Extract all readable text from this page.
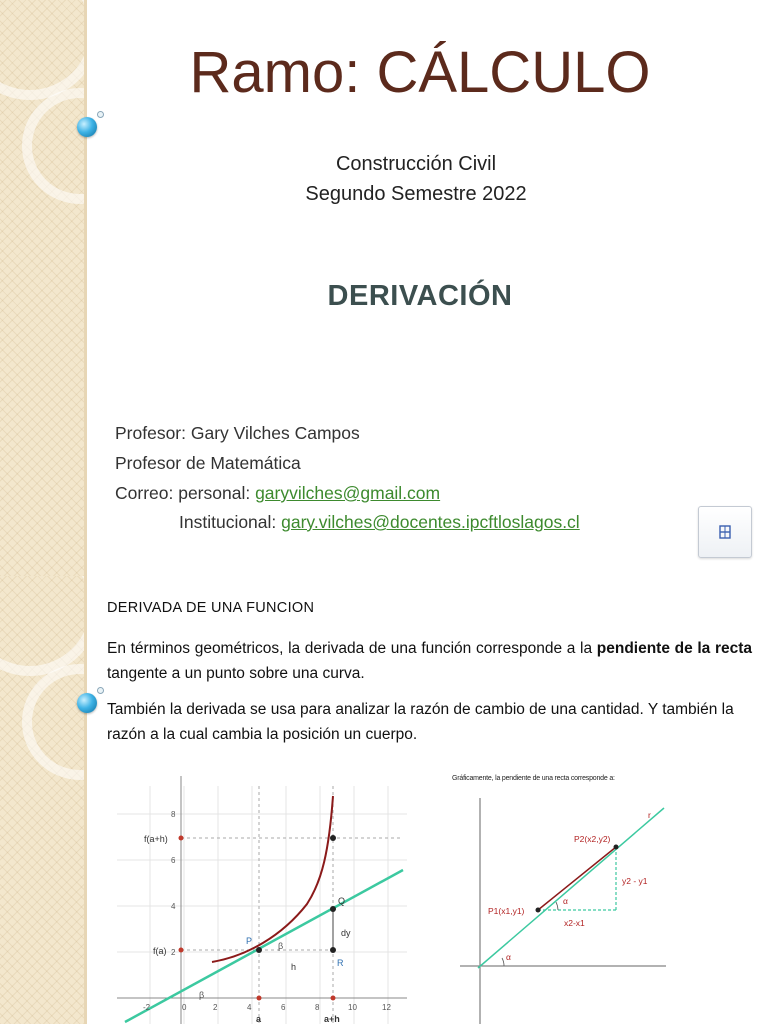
Ramo: CÁLCULO
Construcción Civil
Segundo Semestre 2022
DERIVACIÓN
Profesor: Gary Vilches Campos
Profesor de Matemática
Correo: personal: garyvilches@gmail.com
Institucional: gary.vilches@docentes.ipcftloslagos.cl
DERIVADA DE UNA FUNCION
En términos geométricos, la derivada de una función corresponde a la pendiente de la recta tangente a un punto sobre una curva.
También la derivada se usa para analizar la razón de cambio de una cantidad. Y también la razón a la cual cambia la posición un cuerpo.
8
6
4
2
-2	0	2	4	6	8	10	12
f(a+h)
f(a)
P
Q
R
β
β
h
dy
a	a+h
Gráficamente, la pendiente de una recta corresponde a:
r
P2(x2,y2)
P1(x1,y1)
y2 - y1
x2-x1
α
α
